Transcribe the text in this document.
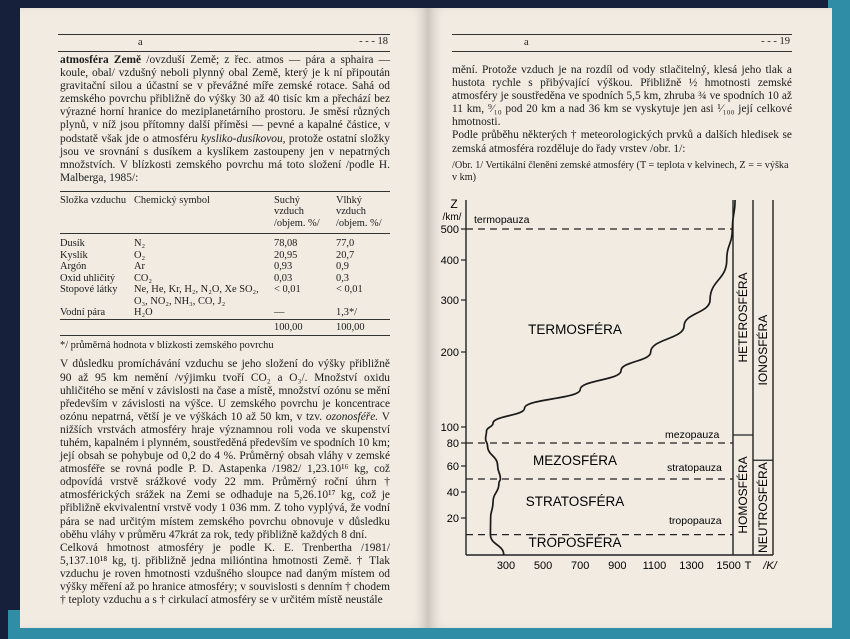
a	- - - 18

atmosféra Země /ovzduší Země; z řec. atmos — pára a sphaira — koule, obal/ vzdušný neboli plynný obal Země, který je k ní připoután gravitační silou a účastní se v převážné míře zemské rotace. Sahá od zemského povrchu přibližně do výšky 30 až 40 tisíc km a přechází bez výrazné horní hranice do meziplanetárního prostoru. Je směsí různých plynů, v níž jsou přítomny další příměsi — pevné a kapalné částice, v podstatě však jde o atmosféru kysliko-dusíkovou, protože ostatní složky jsou ve srovnání s dusíkem a kyslíkem zastoupeny jen v nepatrných množstvích. V blízkosti zemského povrchu má toto složení /podle H. Malberga, 1985/:

Složka vzduchu	Chemický symbol	Suchý vzduch /objem. %/	Vlhký vzduch /objem. %/
Dusík	N₂	78,08	77,0
Kyslík	O₂	20,95	20,7
Argón	Ar	0,93	0,9
Oxid uhličitý	CO₂	0,03	0,3
Stopové látky	Ne, He, Kr, H₂, N₂O, Xe SO₂, O₃, NO₂, NH₃, CO, J₂	< 0,01	< 0,01
Vodní pára	H₂O	—	1,3*/
		100,00	100,00
*/ průměrná hodnota v blízkosti zemského povrchu

V důsledku promíchávání vzduchu se jeho složení do výšky přibližně 90 až 95 km nemění /výjimku tvoří CO₂ a O₃/. Množství oxidu uhličitého se mění v závislosti na čase a místě, množství ozónu se mění především v závislosti na výšce. U zemského povrchu je koncentrace ozónu nepatrná, větší je ve výškách 10 až 50 km, v tzv. ozonosféře. V nižších vrstvách atmosféry hraje významnou roli voda ve skupenství tuhém, kapalném i plynném, soustředěná především ve spodních 10 km; její obsah se pohybuje od 0,2 do 4 %. Průměrný obsah vláhy v zemské atmosféře se rovná podle P. D. Astapenka /1982/ 1,23.10¹⁶ kg, což odpovídá vrstvě srážkové vody 22 mm. Průměrný roční úhrn † atmosférických srážek na Zemi se odhaduje na 5,26.10¹⁷ kg, což je přibližně ekvivalentní vrstvě vody 1 036 mm. Z toho vyplývá, že vodní pára se nad určitým místem zemského povrchu obnovuje v důsledku oběhu vláhy v průměru 47krát za rok, tedy přibližně každých 8 dní.

Celková hmotnost atmosféry je podle K. E. Trenbertha /1981/ 5,137.10¹⁸ kg, tj. přibližně jedna milióntina hmotnosti Země. † Tlak vzduchu je roven hmotnosti vzdušného sloupce nad daným místem od výšky měření až po hranice atmosféry; v souvislosti s denním † chodem † teploty vzduchu a s † cirkulací atmosféry se v určitém místě neustále

a	- - - 19

mění. Protože vzduch je na rozdíl od vody stlačitelný, klesá jeho tlak a hustota rychle s přibývající výškou. Přibližně ½ hmotnosti zemské atmosféry je soustředěna ve spodních 5,5 km, zhruba ¾ ve spodních 10 až 11 km, ⁹⁄₁₀ pod 20 km a nad 36 km se vyskytuje jen asi ¹⁄₁₀₀ její celkové hmotnosti.

Podle průběhu některých † meteorologických prvků a dalších hledisek se zemská atmosféra rozděluje do řady vrstev /obr. 1/:

/Obr. 1/ Vertikální členění zemské atmosféry (T = teplota v kelvinech, Z = = výška v km)
20
40
60
80
100
200
300
400
500
300 500 700 900 1100 1300 1500 T /K/
Z
/km/ termopauza
mezopauza
stratopauza
tropopauza
TERMOSFÉRA
MEZOSFÉRA
STRATOSFÉRA
TROPOSFÉRA
HETEROSFÉRA
HOMOSFÉRA
IONOSFÉRA
NEUTROSFÉRA
